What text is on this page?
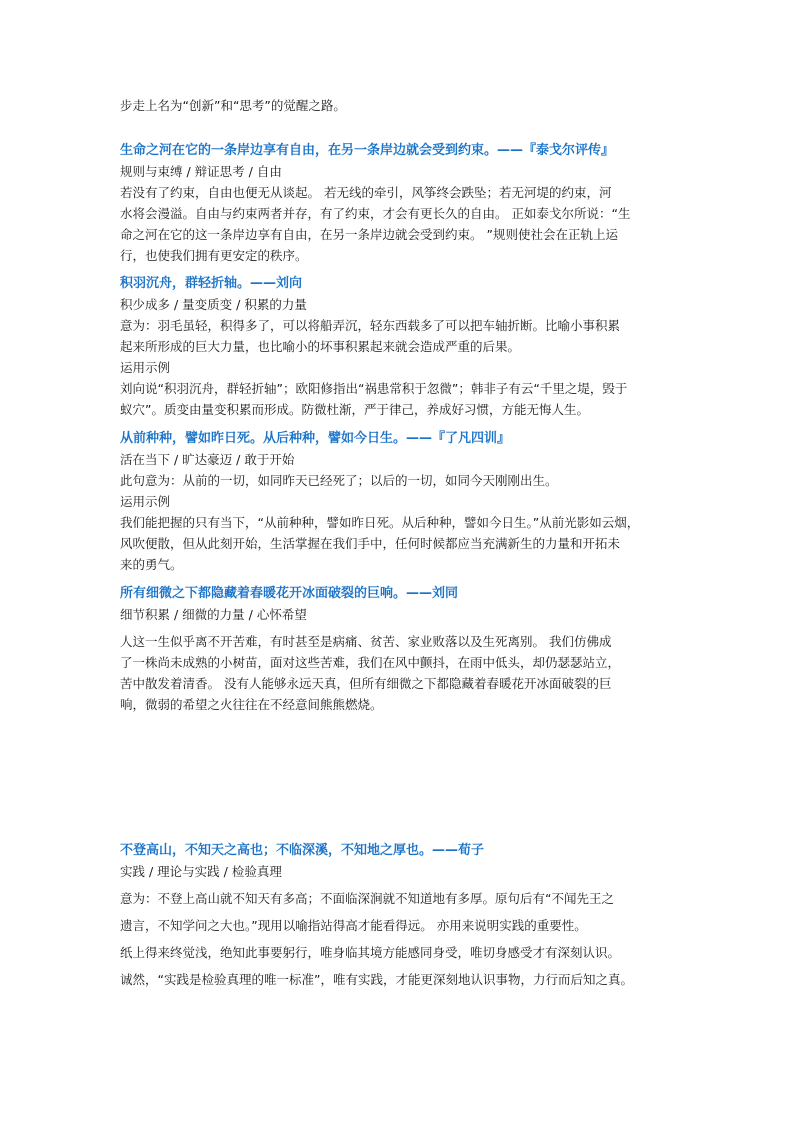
步走上名为“创新”和“思考”的觉醒之路。
生命之河在它的一条岸边享有自由，在另一条岸边就会受到约束。——『泰戈尔评传』
规则与束缚 / 辩证思考 / 自由
若没有了约束，自由也便无从谈起。 若无线的牵引，风筝终会跌坠；若无河堤的约束，河
水将会漫溢。自由与约束两者并存，有了约束，才会有更长久的自由。 正如泰戈尔所说：“生
命之河在它的这一条岸边享有自由，在另一条岸边就会受到约束。 ”规则使社会在正轨上运
行，也使我们拥有更安定的秩序。
积羽沉舟，群轻折轴。——刘向
积少成多 / 量变质变 / 积累的力量
意为：羽毛虽轻，积得多了，可以将船弄沉，轻东西载多了可以把车轴折断。比喻小事积累
起来所形成的巨大力量，也比喻小的坏事积累起来就会造成严重的后果。
运用示例
刘向说“积羽沉舟，群轻折轴”；欧阳修指出“祸患常积于忽微”；韩非子有云“千里之堤，毁于
蚁穴”。质变由量变积累而形成。防微杜渐，严于律己，养成好习惯，方能无悔人生。
从前种种，譬如昨日死。从后种种，譬如今日生。——『了凡四训』
活在当下 / 旷达豪迈 / 敢于开始
此句意为：从前的一切，如同昨天已经死了；以后的一切，如同今天刚刚出生。
运用示例
我们能把握的只有当下，“从前种种，譬如昨日死。从后种种，譬如今日生。”从前光影如云烟，
风吹便散，但从此刻开始，生活掌握在我们手中，任何时候都应当充满新生的力量和开拓未
来的勇气。
所有细微之下都隐藏着春暖花开冰面破裂的巨响。——刘同
细节积累 / 细微的力量 / 心怀希望
人这一生似乎离不开苦难，有时甚至是病痛、贫苦、家业败落以及生死离别。 我们仿佛成
了一株尚未成熟的小树苗，面对这些苦难，我们在风中颤抖，在雨中低头，却仍瑟瑟站立，
苦中散发着清香。 没有人能够永远天真，但所有细微之下都隐藏着春暖花开冰面破裂的巨
响，微弱的希望之火往往在不经意间熊熊燃烧。
不登高山，不知天之高也；不临深溪，不知地之厚也。——荀子
实践 / 理论与实践 / 检验真理
意为：不登上高山就不知天有多高；不面临深涧就不知道地有多厚。原句后有“不闻先王之
遗言，不知学问之大也。”现用以喻指站得高才能看得远。 亦用来说明实践的重要性。
纸上得来终觉浅，绝知此事要躬行，唯身临其境方能感同身受，唯切身感受才有深刻认识。
诚然，“实践是检验真理的唯一标准”，唯有实践，才能更深刻地认识事物，力行而后知之真。
